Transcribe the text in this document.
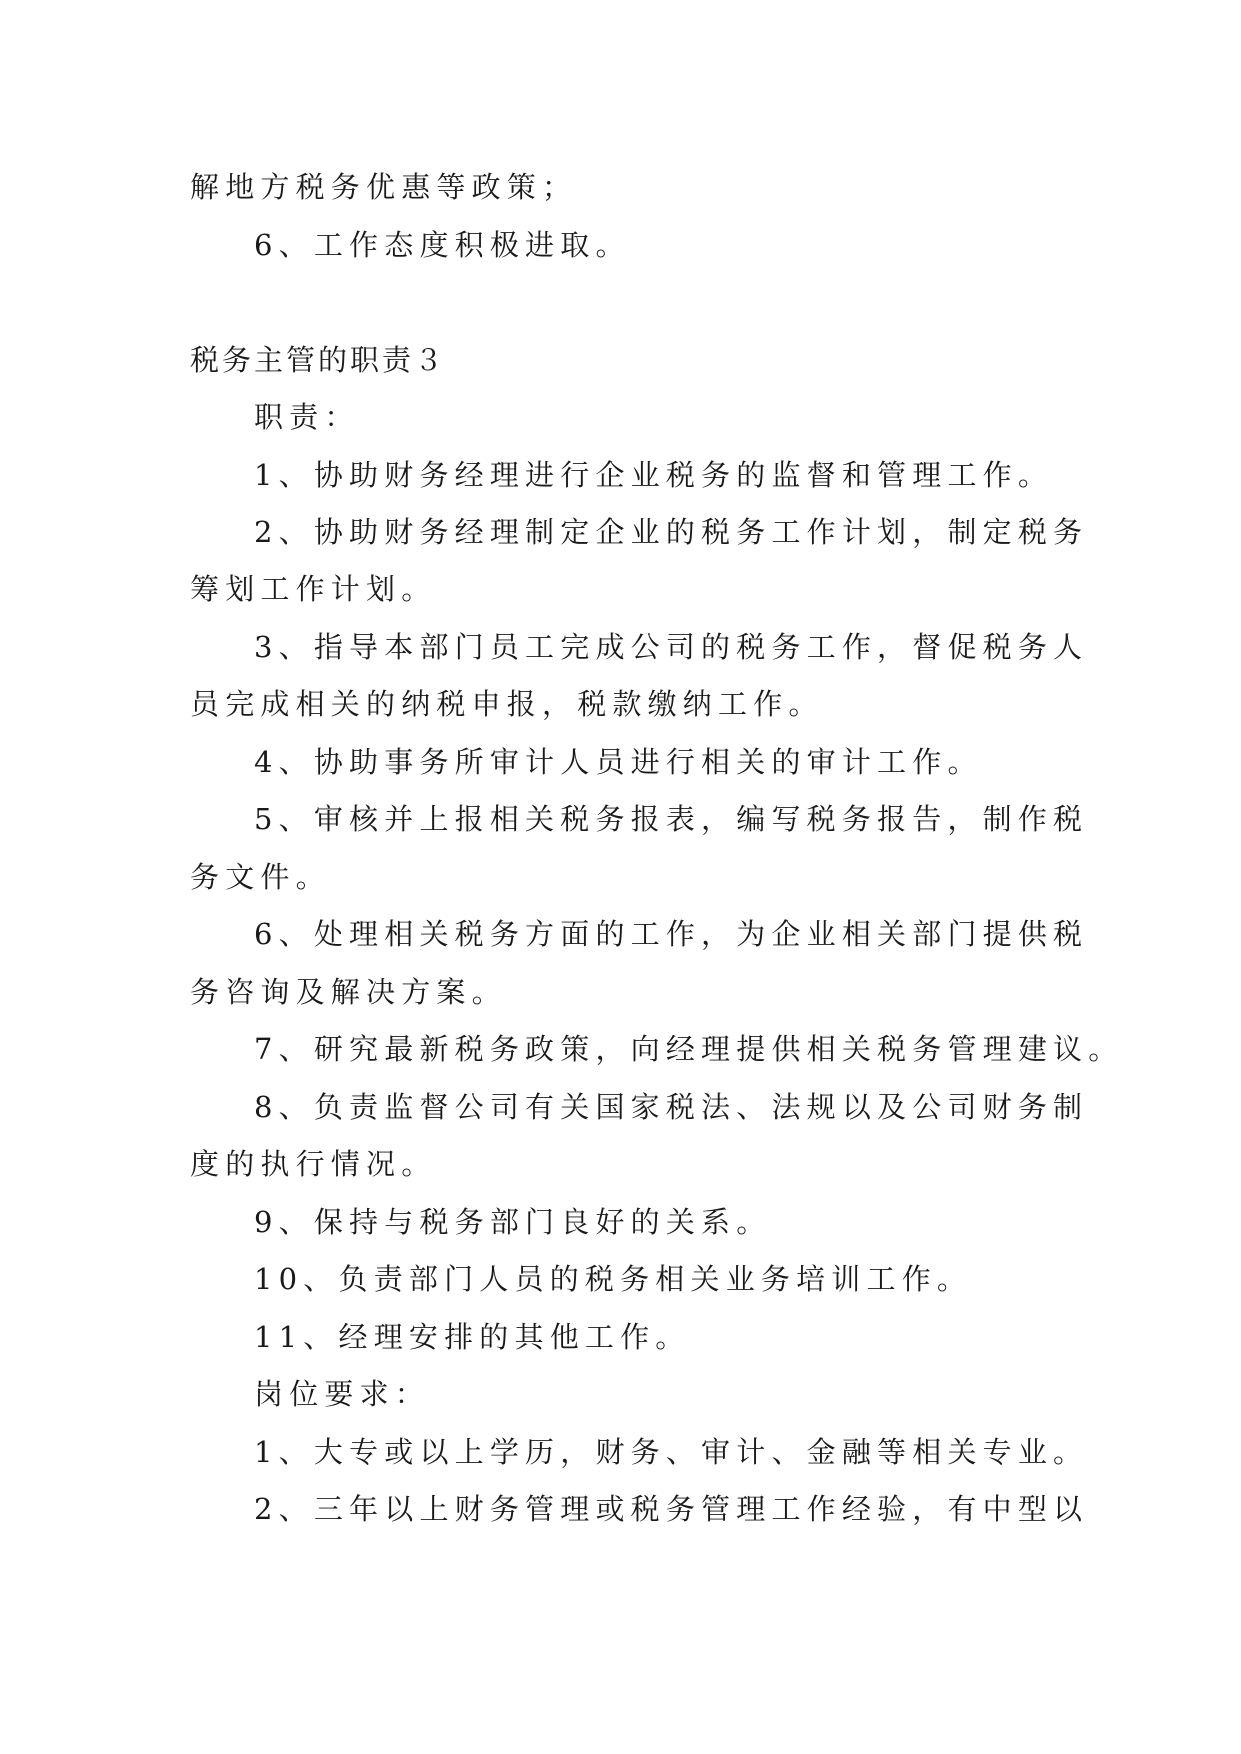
解地方税务优惠等政策；
6、工作态度积极进取。
税务主管的职责３
职责：
1、协助财务经理进行企业税务的监督和管理工作。
2、协助财务经理制定企业的税务工作计划，制定税务
筹划工作计划。
3、指导本部门员工完成公司的税务工作，督促税务人
员完成相关的纳税申报，税款缴纳工作。
4、协助事务所审计人员进行相关的审计工作。
5、审核并上报相关税务报表，编写税务报告，制作税
务文件。
6、处理相关税务方面的工作，为企业相关部门提供税
务咨询及解决方案。
7、研究最新税务政策，向经理提供相关税务管理建议。
8、负责监督公司有关国家税法、法规以及公司财务制
度的执行情况。
9、保持与税务部门良好的关系。
10、负责部门人员的税务相关业务培训工作。
11、经理安排的其他工作。
岗位要求：
1、大专或以上学历，财务、审计、金融等相关专业。
2、三年以上财务管理或税务管理工作经验，有中型以
